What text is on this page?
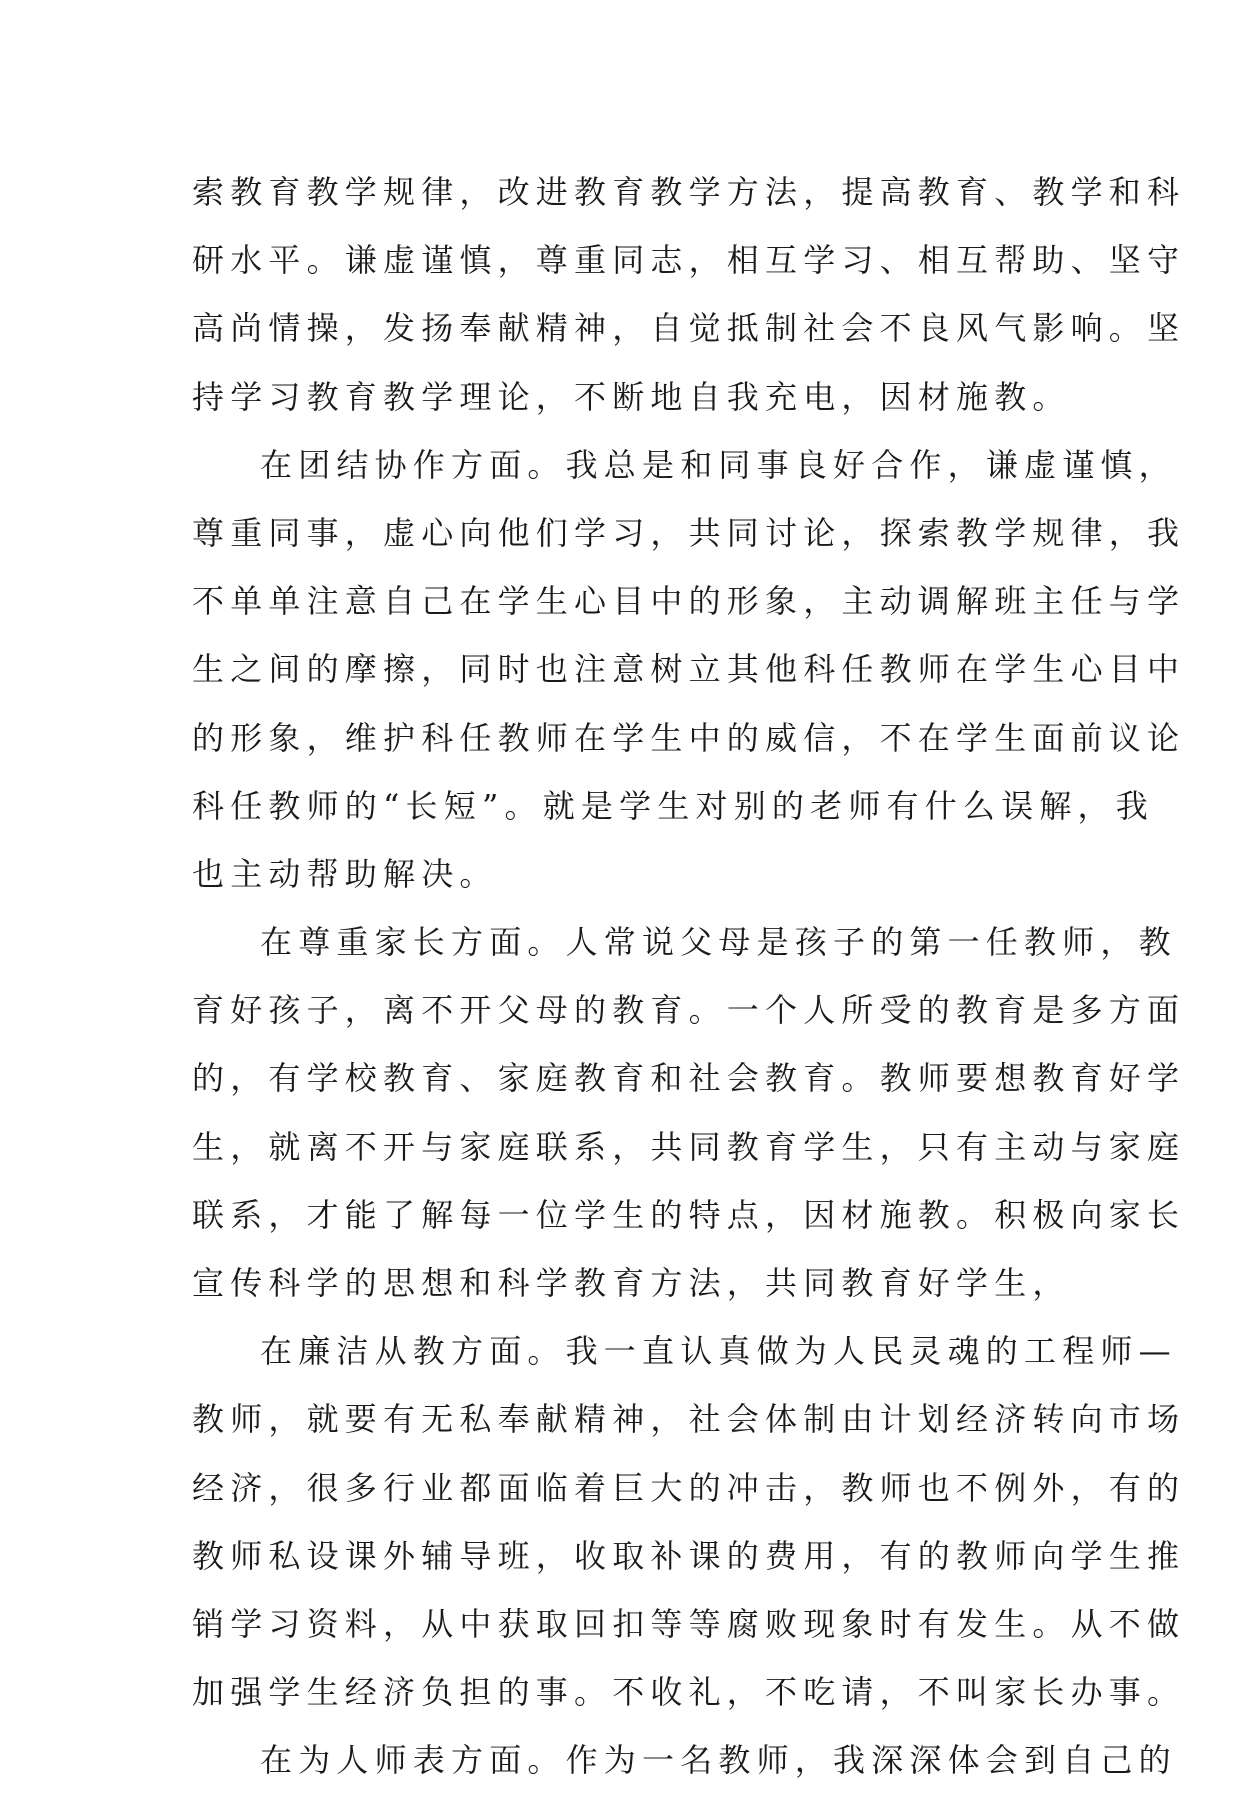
索教育教学规律，改进教育教学方法，提高教育、教学和科
研水平。谦虚谨慎，尊重同志，相互学习、相互帮助、坚守
高尚情操，发扬奉献精神，自觉抵制社会不良风气影响。坚
持学习教育教学理论，不断地自我充电，因材施教。
在团结协作方面。我总是和同事良好合作，谦虚谨慎，
尊重同事，虚心向他们学习，共同讨论，探索教学规律，我
不单单注意自己在学生心目中的形象，主动调解班主任与学
生之间的摩擦，同时也注意树立其他科任教师在学生心目中
的形象，维护科任教师在学生中的威信，不在学生面前议论
科任教师的“长短”。就是学生对别的老师有什么误解，我
也主动帮助解决。
在尊重家长方面。人常说父母是孩子的第一任教师，教
育好孩子，离不开父母的教育。一个人所受的教育是多方面
的，有学校教育、家庭教育和社会教育。教师要想教育好学
生，就离不开与家庭联系，共同教育学生，只有主动与家庭
联系，才能了解每一位学生的特点，因材施教。积极向家长
宣传科学的思想和科学教育方法，共同教育好学生，
在廉洁从教方面。我一直认真做为人民灵魂的工程师—
教师，就要有无私奉献精神，社会体制由计划经济转向市场
经济，很多行业都面临着巨大的冲击，教师也不例外，有的
教师私设课外辅导班，收取补课的费用，有的教师向学生推
销学习资料，从中获取回扣等等腐败现象时有发生。从不做
加强学生经济负担的事。不收礼，不吃请，不叫家长办事。
在为人师表方面。作为一名教师，我深深体会到自己的
